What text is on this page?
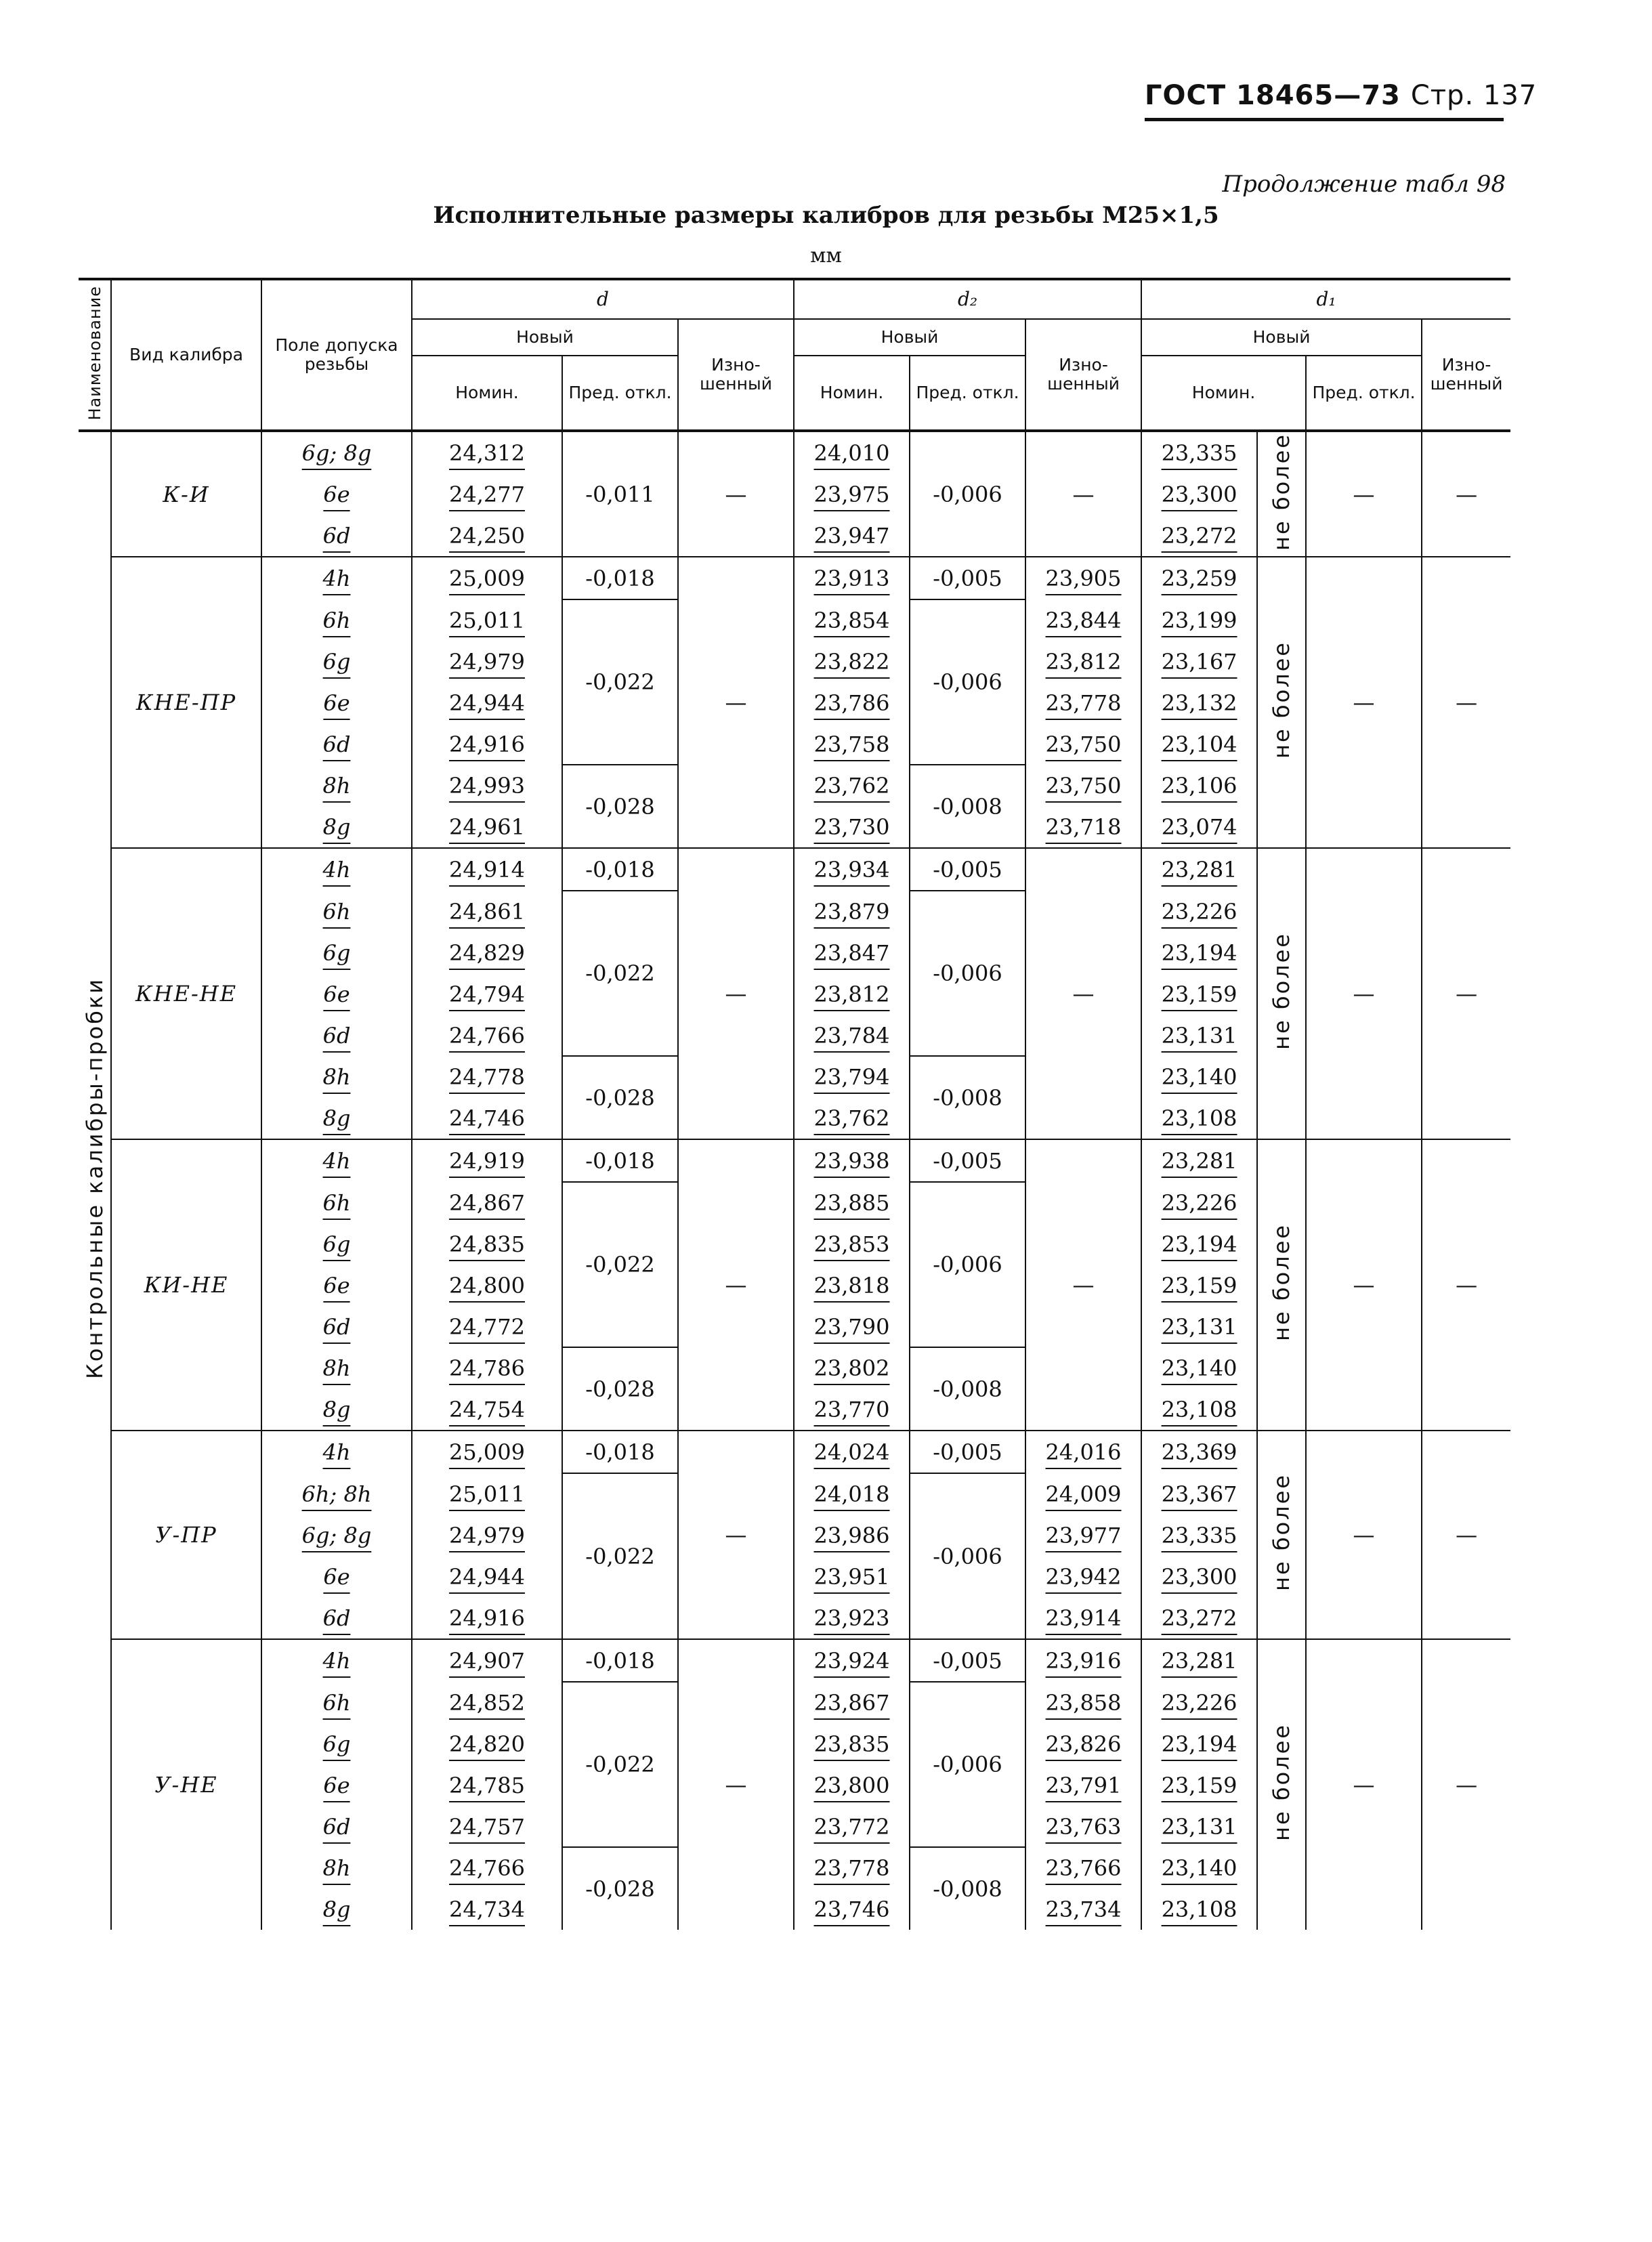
ГОСТ 18465—73 Стр. 137
Продолжение табл 98
Исполнительные размеры калибров для резьбы M25×1,5
мм
Наименование	Вид калибра	Поле допуска резьбы	d			d₂			d₁			
			Новый		Изно-шенный	Новый		Изно-шенный	Новый			Изно-шенный
			Номин.	Пред. откл.		Номин.	Пред. откл.		Номин.		Пред. откл.	
Контрольные калибры-пробки	К-И	6g; 8g	24,312	-0,011	—	24,010	-0,006	—	23,335	не более	—	—
		6e	24,277			23,975			23,300			
		6d	24,250			23,947			23,272			
	КНЕ-ПР	4h	25,009	-0,018	—	23,913	-0,005	23,905	23,259	не более	—	—
		6h	25,011	-0,022		23,854	-0,006	23,844	23,199			
		6g	24,979			23,822		23,812	23,167			
		6e	24,944			23,786		23,778	23,132			
		6d	24,916			23,758		23,750	23,104			
		8h	24,993	-0,028		23,762	-0,008	23,750	23,106			
		8g	24,961			23,730		23,718	23,074			
	КНЕ-НЕ	4h	24,914	-0,018	—	23,934	-0,005	—	23,281	не более	—	—
		6h	24,861	-0,022		23,879	-0,006		23,226			
		6g	24,829			23,847			23,194			
		6e	24,794			23,812			23,159			
		6d	24,766			23,784			23,131			
		8h	24,778	-0,028		23,794	-0,008		23,140			
		8g	24,746			23,762			23,108			
	КИ-НЕ	4h	24,919	-0,018	—	23,938	-0,005	—	23,281	не более	—	—
		6h	24,867	-0,022		23,885	-0,006		23,226			
		6g	24,835			23,853			23,194			
		6e	24,800			23,818			23,159			
		6d	24,772			23,790			23,131			
		8h	24,786	-0,028		23,802	-0,008		23,140			
		8g	24,754			23,770			23,108			
	У-ПР	4h	25,009	-0,018	—	24,024	-0,005	24,016	23,369	не более	—	—
		6h; 8h	25,011	-0,022		24,018	-0,006	24,009	23,367			
		6g; 8g	24,979			23,986		23,977	23,335			
		6e	24,944			23,951		23,942	23,300			
		6d	24,916			23,923		23,914	23,272			
	У-НЕ	4h	24,907	-0,018	—	23,924	-0,005	23,916	23,281	не более	—	—
		6h	24,852	-0,022		23,867	-0,006	23,858	23,226			
		6g	24,820			23,835		23,826	23,194			
		6e	24,785			23,800		23,791	23,159			
		6d	24,757			23,772		23,763	23,131			
		8h	24,766	-0,028		23,778	-0,008	23,766	23,140			
		8g	24,734			23,746		23,734	23,108			
